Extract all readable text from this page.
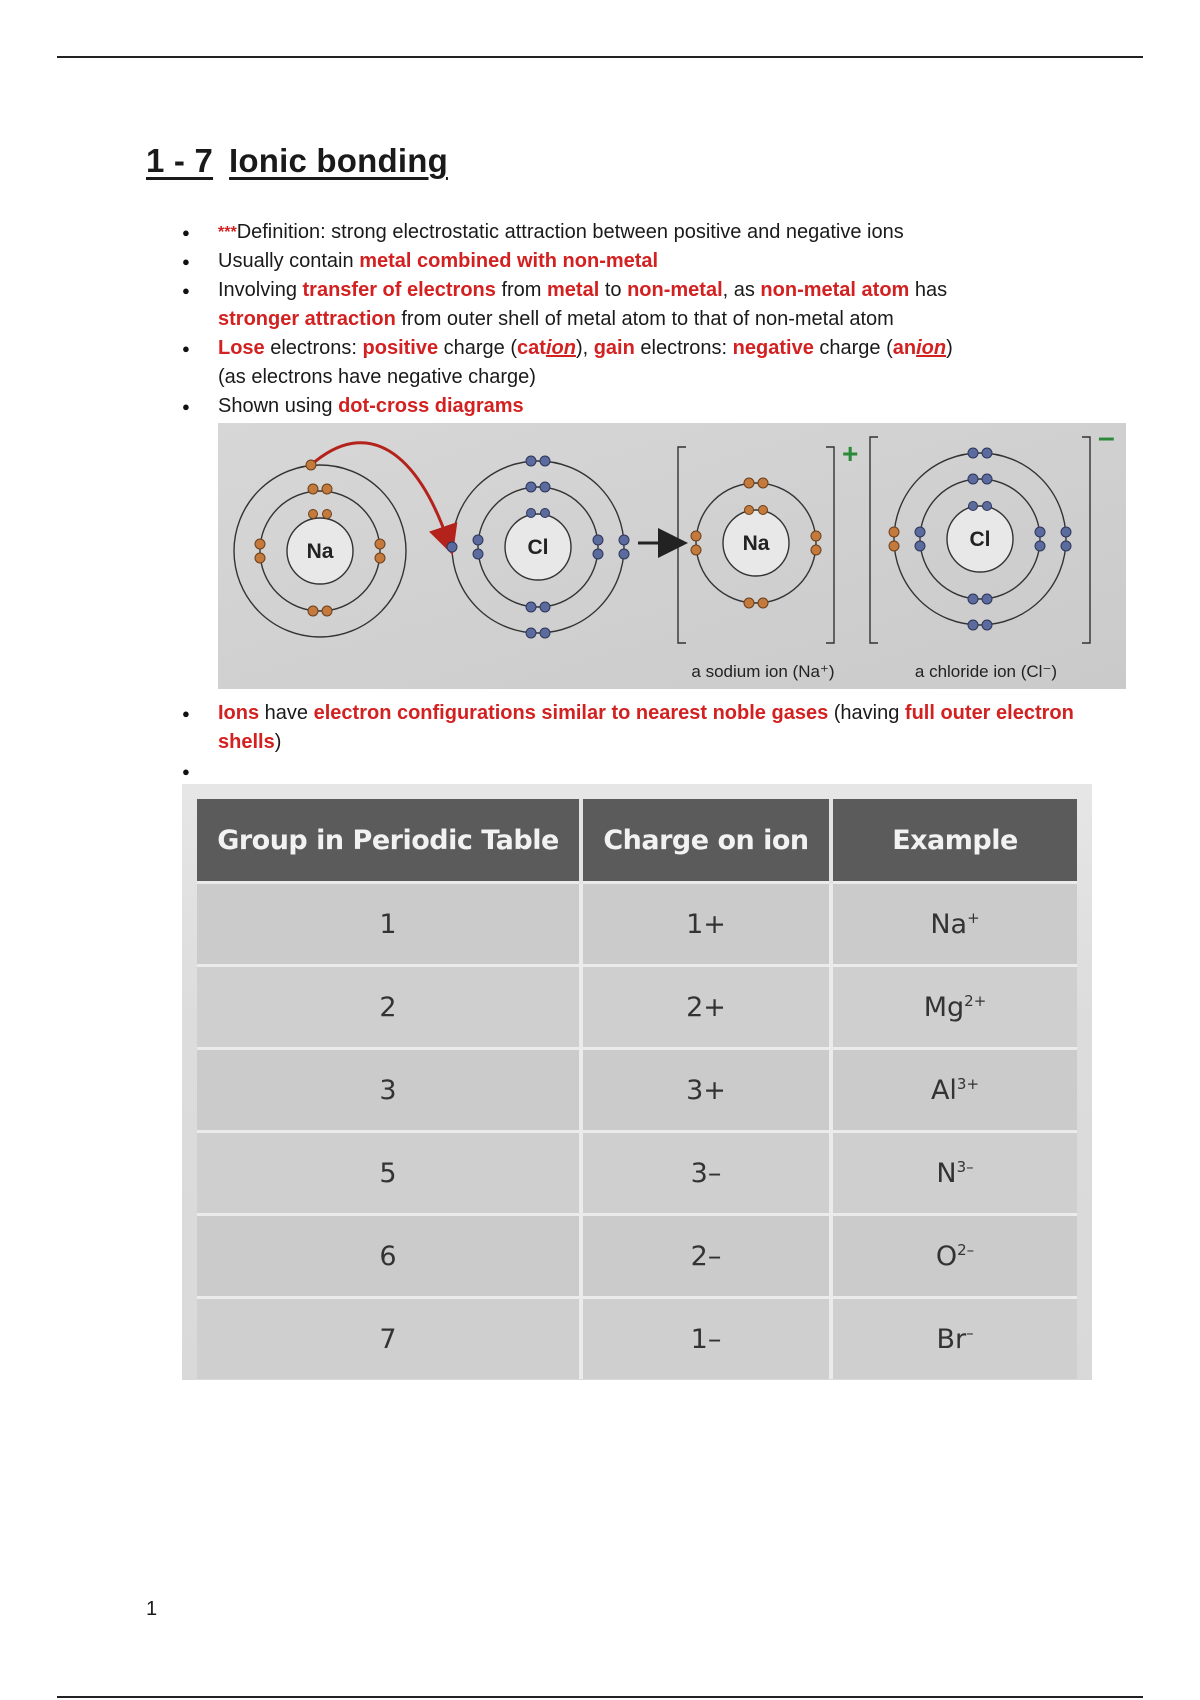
1 - 7 Ionic bonding
● ***Definition: strong electrostatic attraction between positive and negative ions
● Usually contain metal combined with non-metal
● Involving transfer of electrons from metal to non-metal, as non-metal atom has
stronger attraction from outer shell of metal atom to that of non-metal atom
● Lose electrons: positive charge (cation), gain electrons: negative charge (anion)
(as electrons have negative charge)
● Shown using dot-cross diagrams
Na	Cl	Na	Cl
+	–
a sodium ion (Na⁺)	a chloride ion (Cl⁻)
● Ions have electron configurations similar to nearest noble gases (having full outer electron shells)
●
Group in Periodic Table	Charge on ion	Example
1	1+	Na+
2	2+	$Mg^{2+}$
3	3+	$Al^{3+}$
5	3–	$N^{3-}$
6	2–	$O^{2-}$
7	1–	Br–
1
